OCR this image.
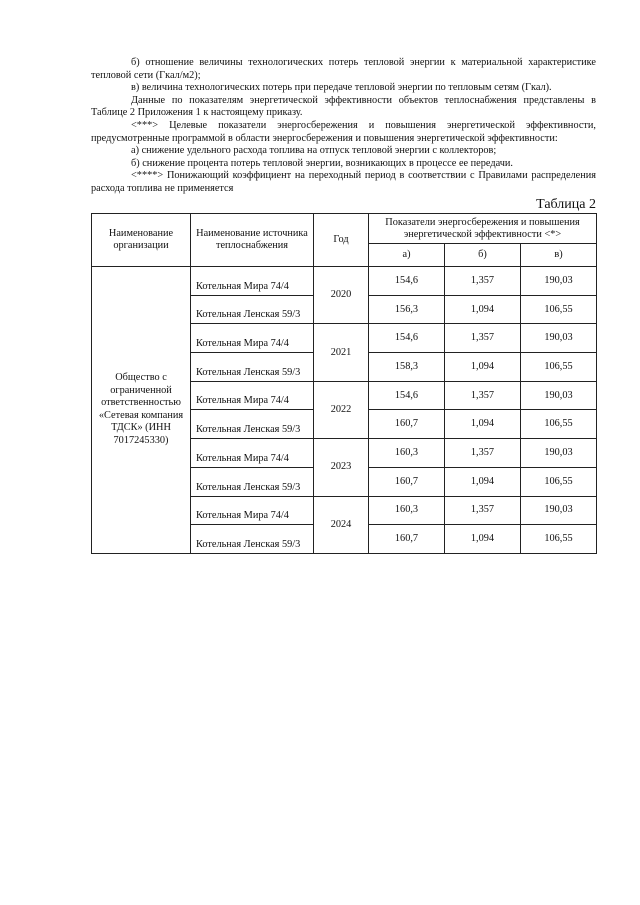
б) отношение величины технологических потерь тепловой энергии к материальной характеристике тепловой сети (Гкал/м2);

в) величина технологических потерь при передаче тепловой энергии по тепловым сетям (Гкал).

Данные по показателям энергетической эффективности объектов теплоснабжения представлены в Таблице 2 Приложения 1 к настоящему приказу.

<***> Целевые показатели энергосбережения и повышения энергетической эффективности, предусмотренные программой в области энергосбережения и повышения энергетической эффективности:

а) снижение удельного расхода топлива на отпуск тепловой энергии с коллекторов;

б) снижение процента потерь тепловой энергии, возникающих в процессе ее передачи.

<****> Понижающий коэффициент на переходный период в соответствии с Правилами распределения расхода топлива не применяется

Таблица 2
Наименование организации	Наименование источника теплоснабжения	Год	Показатели энергосбережения и повышения энергетической эффективности <*>		
			а)	б)	в)
Общество с ограниченной ответственностью «Сетевая компания ТДСК» (ИНН 7017245330)	Котельная Мира 74/4	2020	154,6	1,357	190,03
	Котельная Ленская 59/3		156,3	1,094	106,55
	Котельная Мира 74/4	2021	154,6	1,357	190,03
	Котельная Ленская 59/3		158,3	1,094	106,55
	Котельная Мира 74/4	2022	154,6	1,357	190,03
	Котельная Ленская 59/3		160,7	1,094	106,55
	Котельная Мира 74/4	2023	160,3	1,357	190,03
	Котельная Ленская 59/3		160,7	1,094	106,55
	Котельная Мира 74/4	2024	160,3	1,357	190,03
	Котельная Ленская 59/3		160,7	1,094	106,55
